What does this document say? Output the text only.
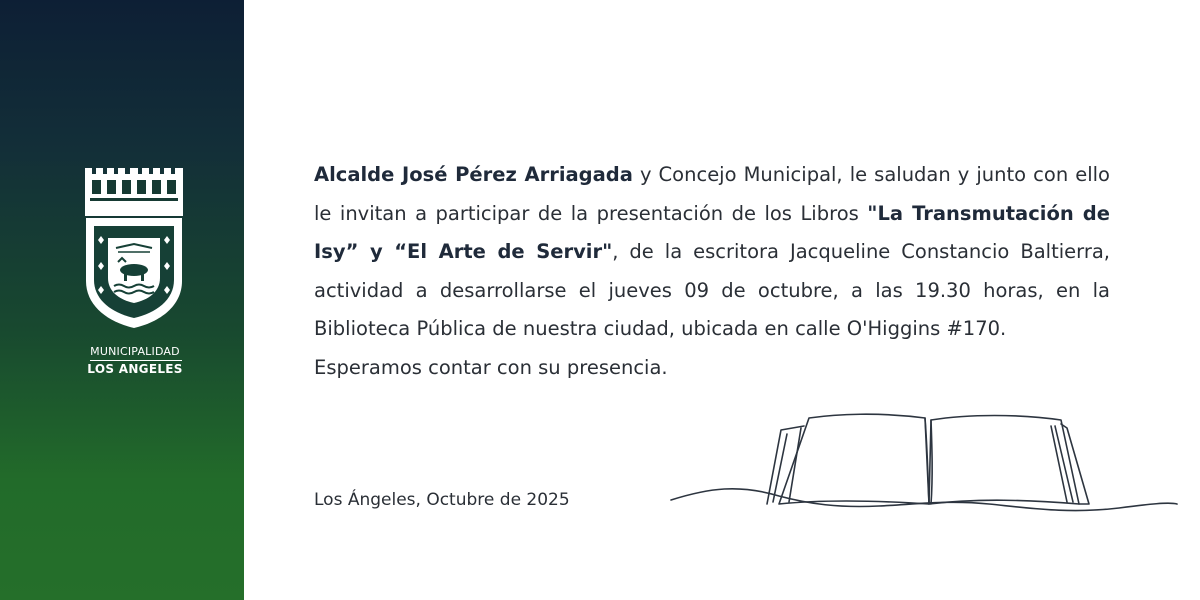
MUNICIPALIDAD
LOS ANGELES

Alcalde José Pérez Arriagada y Concejo Municipal, le saludan y junto con ello le invitan a participar de la presentación de los Libros "La Transmutación de Isy” y “El Arte de Servir", de la escritora Jacqueline Constancio Baltierra, actividad a desarrollarse el jueves 09 de octubre, a las 19.30 horas, en la Biblioteca Pública de nuestra ciudad, ubicada en calle O'Higgins #170.
Esperamos contar con su presencia.

Los Ángeles, Octubre de 2025
